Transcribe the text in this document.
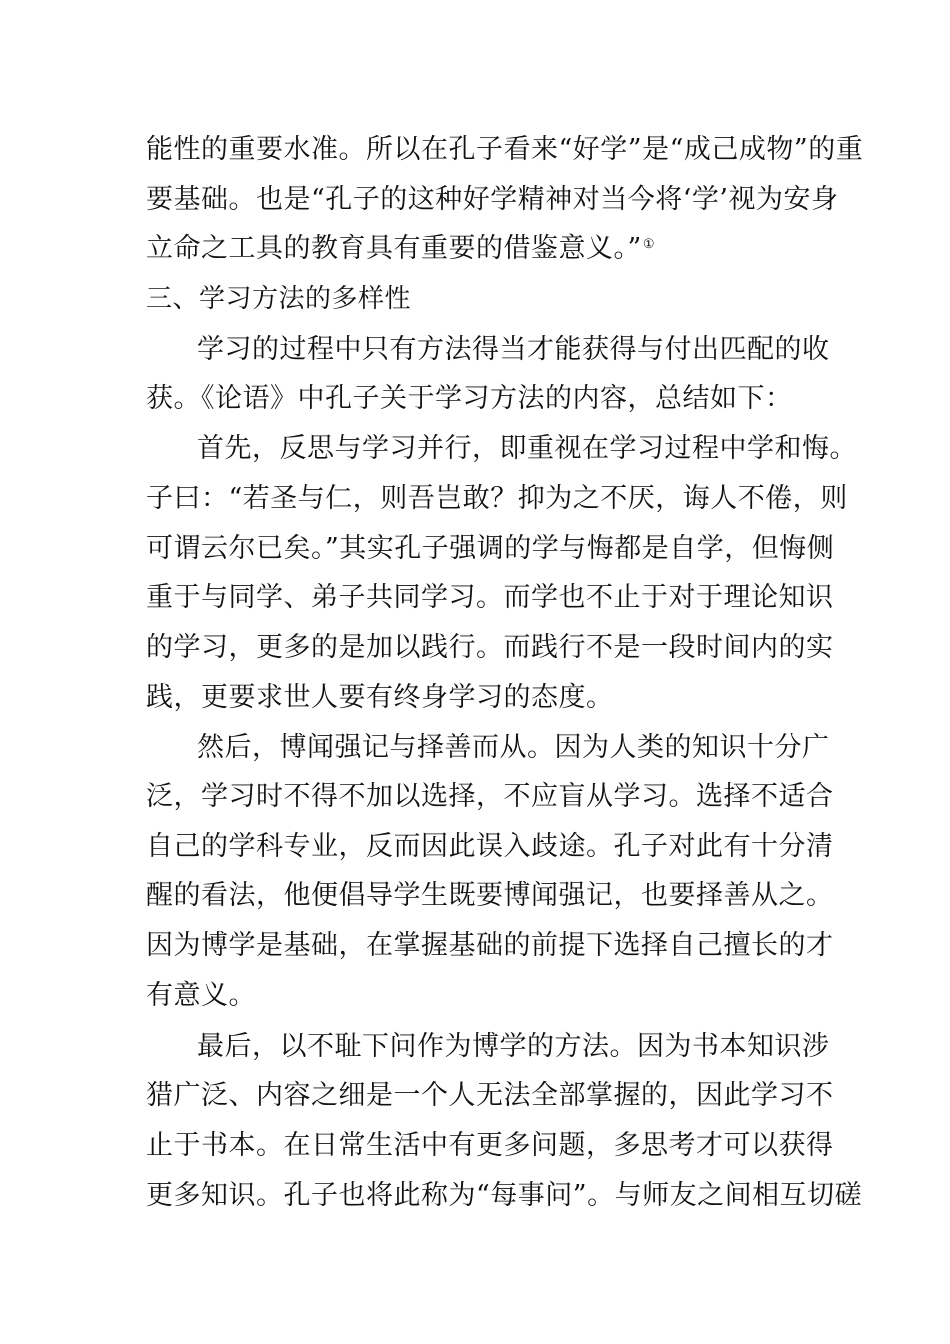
能性的重要水准。所以在孔子看来“好学”是“成己成物”的重
要基础。也是“孔子的这种好学精神对当今将‘学’视为安身
立命之工具的教育具有重要的借鉴意义。”①
三、学习方法的多样性
学习的过程中只有方法得当才能获得与付出匹配的收
获。《论语》中孔子关于学习方法的内容，总结如下：
首先，反思与学习并行，即重视在学习过程中学和悔。
子曰：“若圣与仁，则吾岂敢？抑为之不厌，诲人不倦，则
可谓云尔已矣。”其实孔子强调的学与悔都是自学，但悔侧
重于与同学、弟子共同学习。而学也不止于对于理论知识
的学习，更多的是加以践行。而践行不是一段时间内的实
践，更要求世人要有终身学习的态度。
然后，博闻强记与择善而从。因为人类的知识十分广
泛，学习时不得不加以选择，不应盲从学习。选择不适合
自己的学科专业，反而因此误入歧途。孔子对此有十分清
醒的看法，他便倡导学生既要博闻强记，也要择善从之。
因为博学是基础，在掌握基础的前提下选择自己擅长的才
有意义。
最后，以不耻下问作为博学的方法。因为书本知识涉
猎广泛、内容之细是一个人无法全部掌握的，因此学习不
止于书本。在日常生活中有更多问题，多思考才可以获得
更多知识。孔子也将此称为“每事问”。与师友之间相互切磋
